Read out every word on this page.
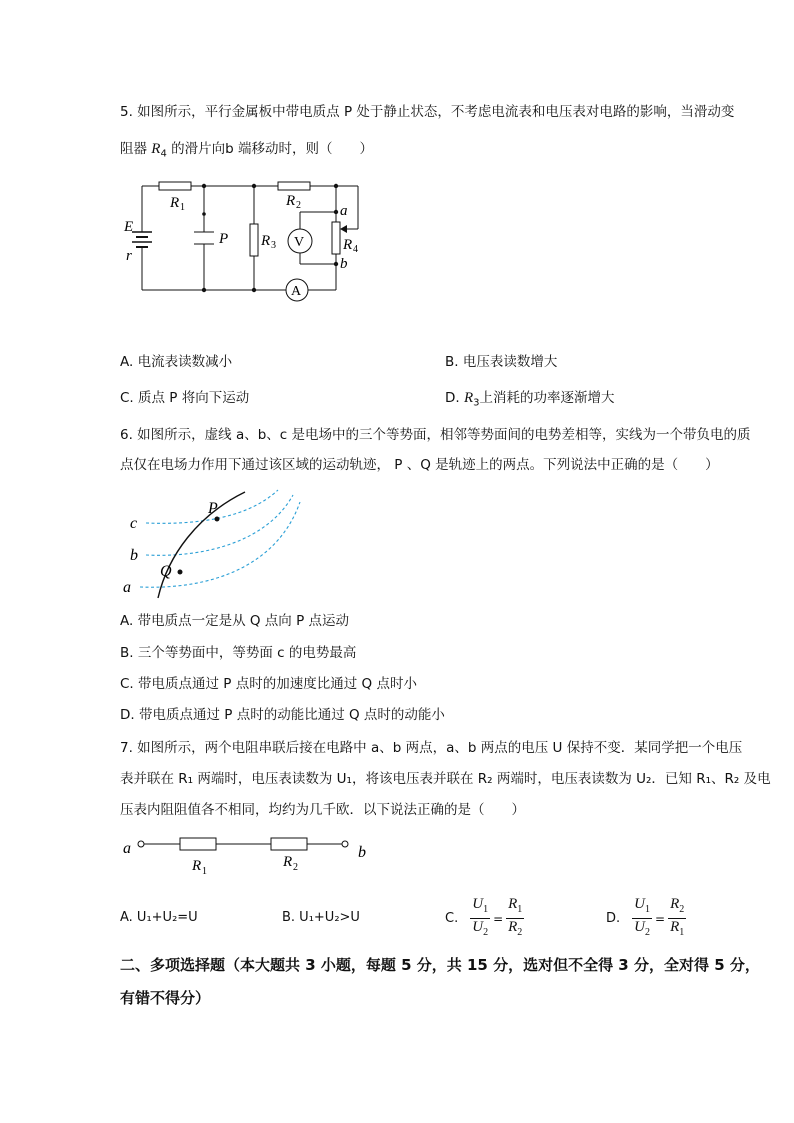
5. 如图所示，平行金属板中带电质点 P 处于静止状态，不考虑电流表和电压表对电路的影响，当滑动变
阻器 $R_4$ 的滑片向b 端移动时，则（　　）
E
r
R 1
P R 3
R 2	a
b
R 4
V
A
A. 电流表读数减小	B. 电压表读数增大
C. 质点 P 将向下运动	D. $R_3$上消耗的功率逐渐增大
6. 如图所示，虚线 a、b、c 是电场中的三个等势面，相邻等势面间的电势差相等，实线为一个带负电的质
点仅在电场力作用下通过该区域的运动轨迹， P 、Q 是轨迹上的两点。下列说法中正确的是（　　）
c
b
a
P
Q
A. 带电质点一定是从 Q 点向 P 点运动
B. 三个等势面中，等势面 c 的电势最高
C. 带电质点通过 P 点时的加速度比通过 Q 点时小
D. 带电质点通过 P 点时的动能比通过 Q 点时的动能小
7. 如图所示，两个电阻串联后接在电路中 a、b 两点，a、b 两点的电压 U 保持不变．某同学把一个电压
表并联在 R₁ 两端时，电压表读数为 U₁，将该电压表并联在 R₂ 两端时，电压表读数为 U₂．已知 R₁、R₂ 及电
压表内阻阻值各不相同，均约为几千欧．以下说法正确的是（　　）
a	b
R 1
R 2
A. U₁+U₂=U	B. U₁+U₂>U	C. $\frac{U_1}{U_2} = \frac{R_1}{R_2}$	D. $\frac{U_1}{U_2} = \frac{R_2}{R_1}$
二、多项选择题（本大题共 3 小题，每题 5 分，共 15 分，选对但不全得 3 分，全对得 5 分，
有错不得分）
